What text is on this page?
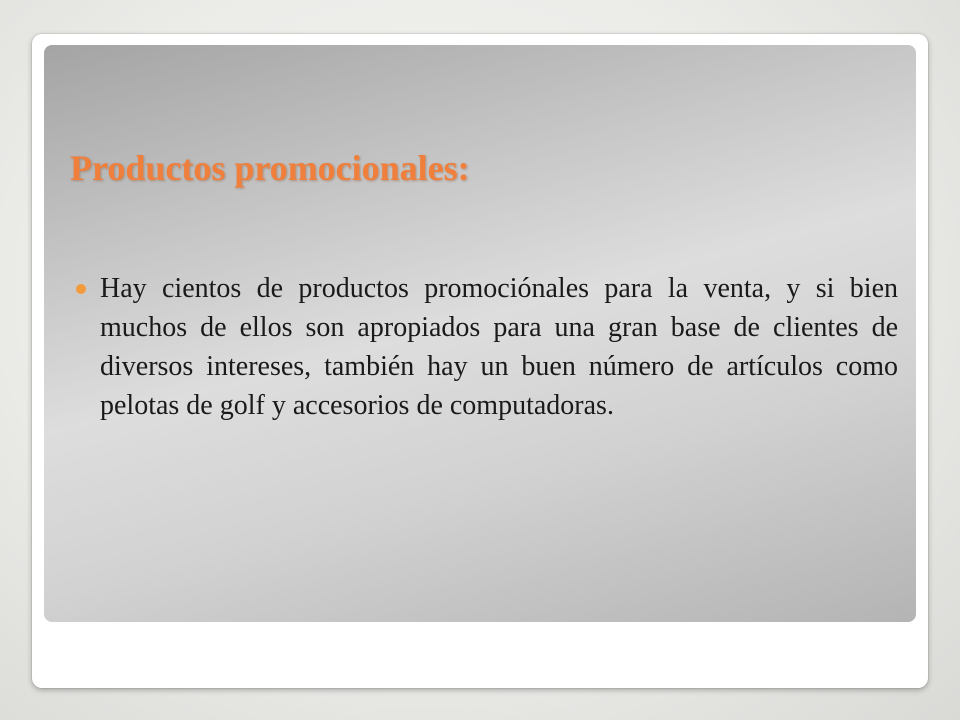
Productos promocionales:
Hay cientos de productos promociónales para la venta, y si bien muchos de ellos son apropiados para una gran base de clientes de diversos intereses, también hay un buen número de artículos como pelotas de golf y accesorios de computadoras.
